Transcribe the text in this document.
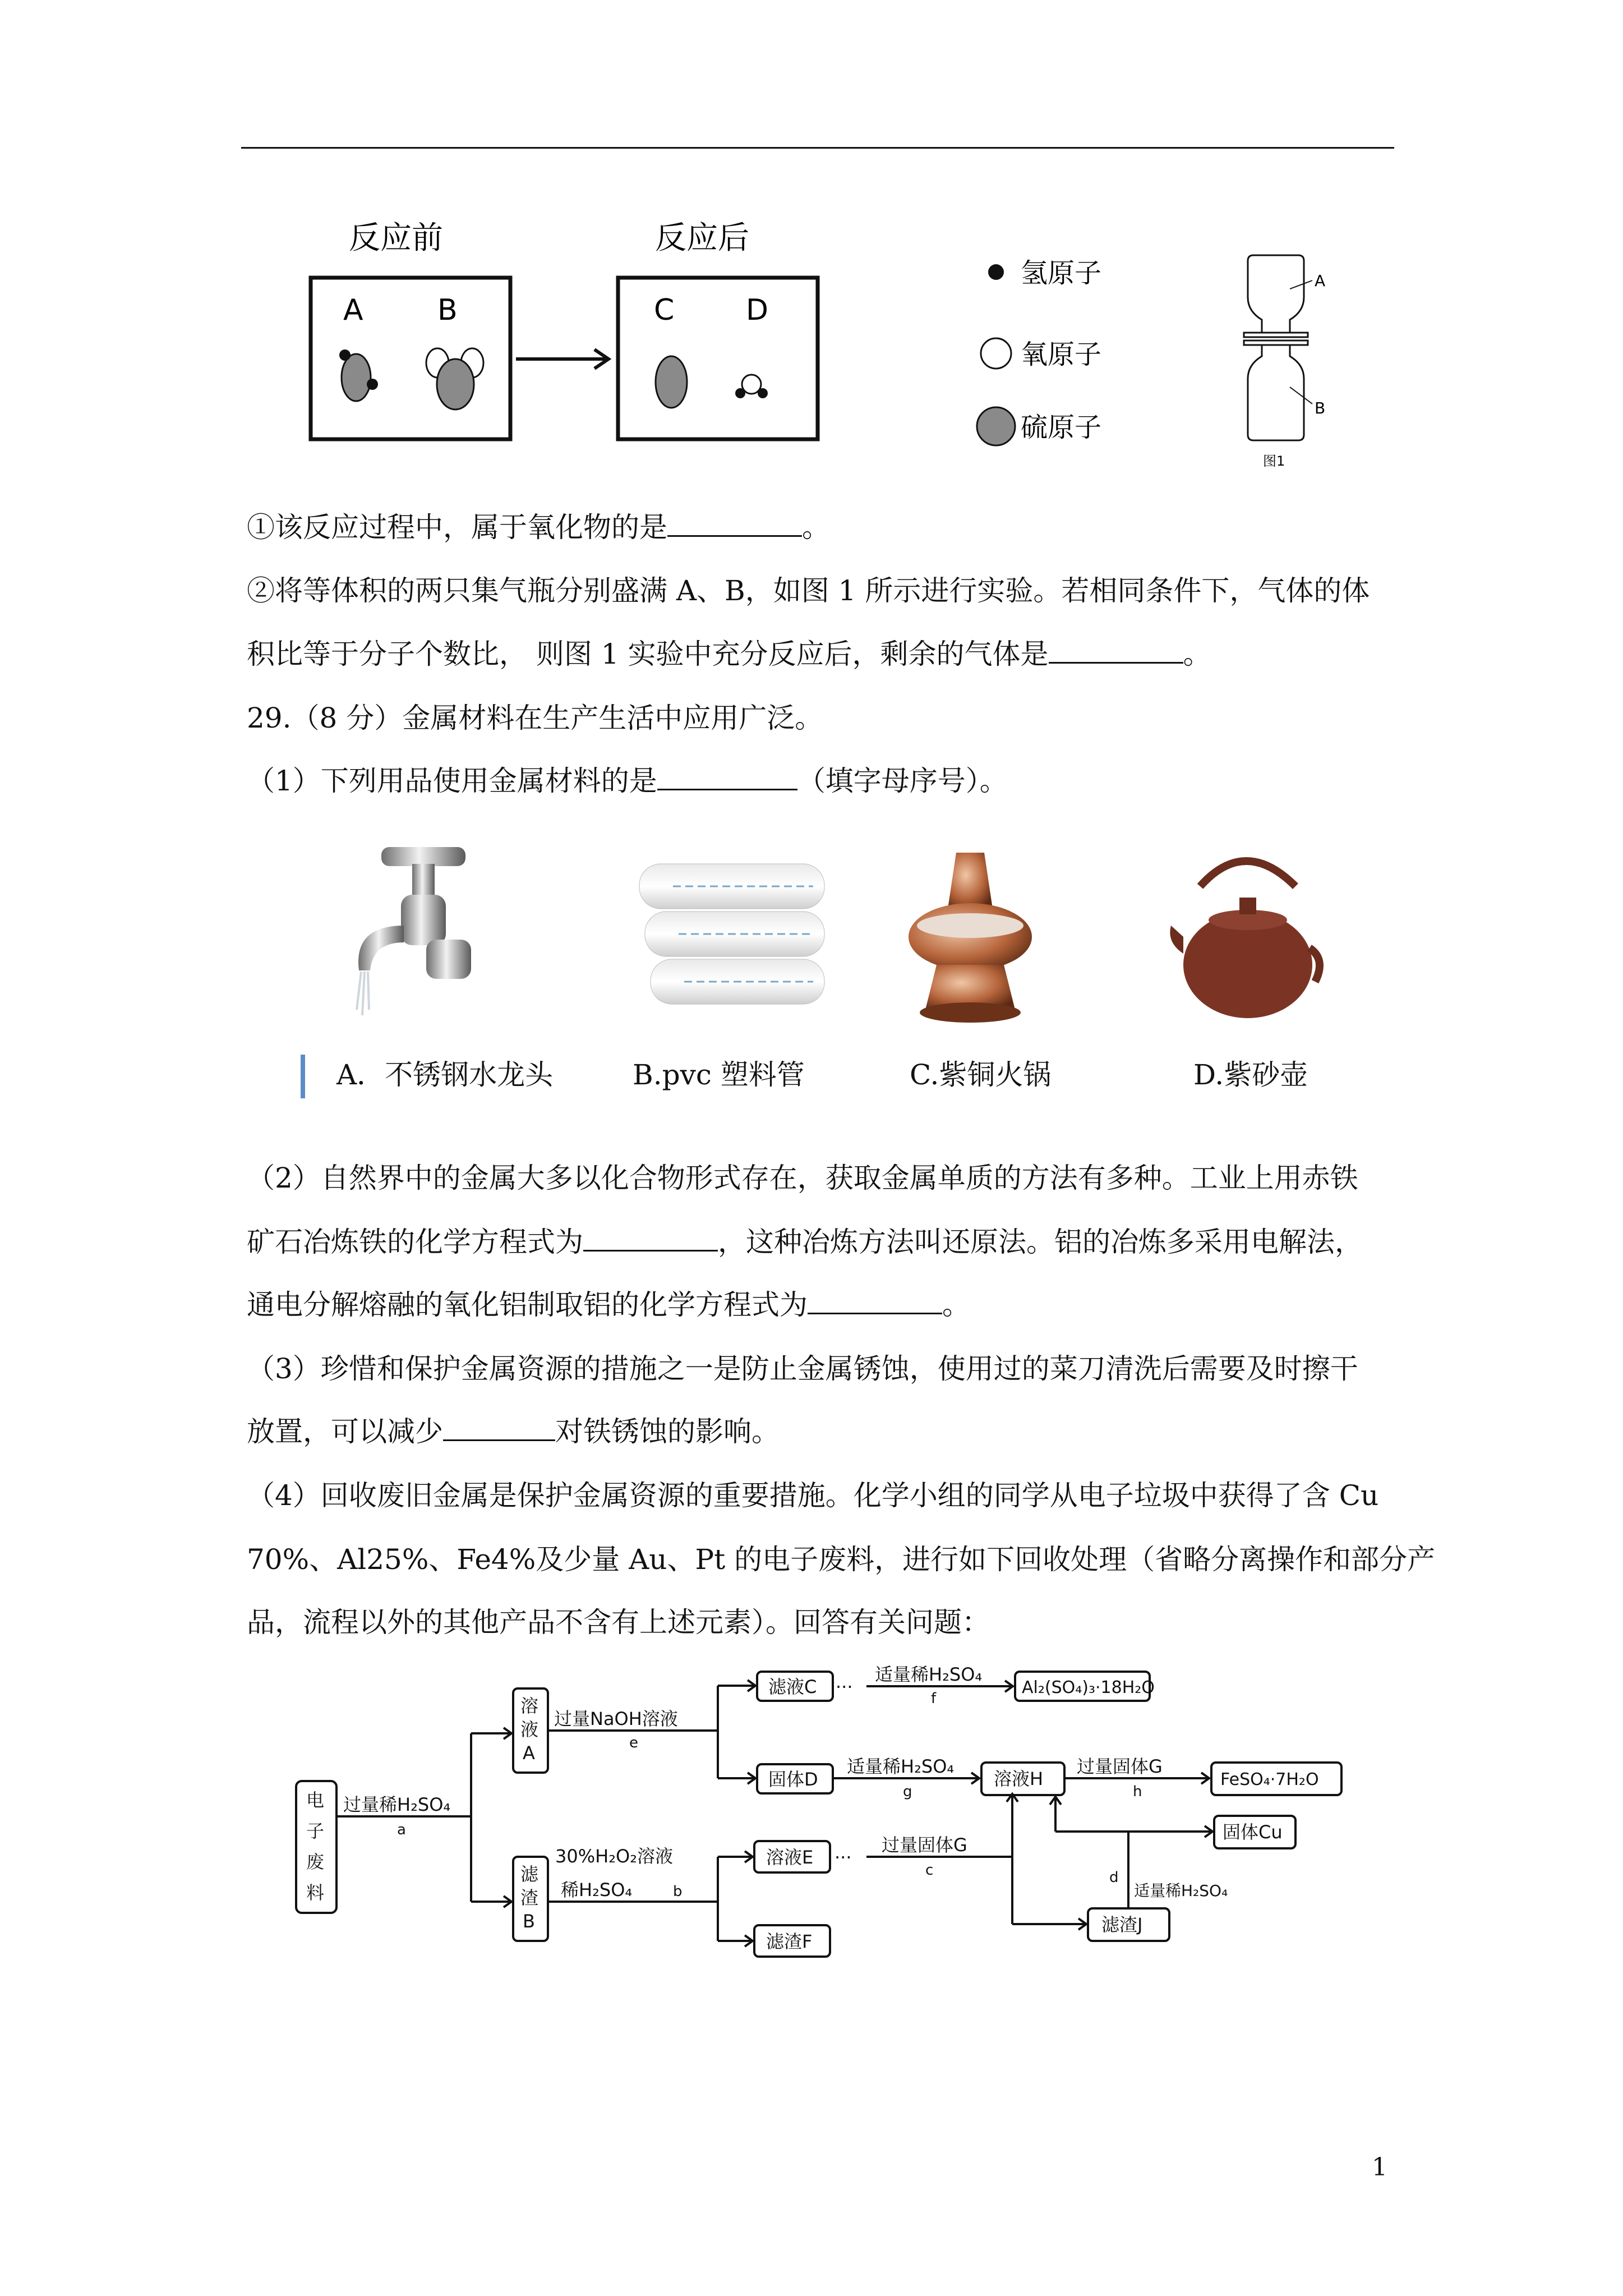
反应前	反应后
A	B	C D
氢原子
氧原子
硫原子
A
B
图1
①该反应过程中，属于氧化物的是	。
②将等体积的两只集气瓶分别盛满 A、B，如图 1 所示进行实验。若相同条件下，气体的体
积比等于分子个数比， 则图 1 实验中充分反应后，剩余的气体是	。
29.（8 分）金属材料在生产生活中应用广泛。
（1）下列用品使用金属材料的是	（填字母序号）。
A．不锈钢水龙头	B.pvc 塑料管	C.紫铜火锅	D.紫砂壶
（2）自然界中的金属大多以化合物形式存在，获取金属单质的方法有多种。工业上用赤铁
矿石冶炼铁的化学方程式为	，这种冶炼方法叫还原法。铝的冶炼多采用电解法，
通电分解熔融的氧化铝制取铝的化学方程式为	。
（3）珍惜和保护金属资源的措施之一是防止金属锈蚀，使用过的菜刀清洗后需要及时擦干
放置，可以减少	对铁锈蚀的影响。
（4）回收废旧金属是保护金属资源的重要措施。化学小组的同学从电子垃圾中获得了含 Cu
70%、Al25%、Fe4%及少量 Au、Pt 的电子废料，进行如下回收处理（省略分离操作和部分产
品，流程以外的其他产品不含有上述元素）。回答有关问题：
电
子
废
料
过量稀H₂SO₄
a
溶
液
A
滤
渣
B
过量NaOH溶液
e
滤液C ···
适量稀H₂SO₄
f
Al₂(SO₄)₃·18H₂O
固体D
适量稀H₂SO₄
g
溶液H
过量固体G
h
FeSO₄·7H₂O
30%H₂O₂溶液
稀H₂SO₄	b
溶液E ···
过量固体G
c
滤渣F
滤渣J
d
适量稀H₂SO₄
固体Cu
1
